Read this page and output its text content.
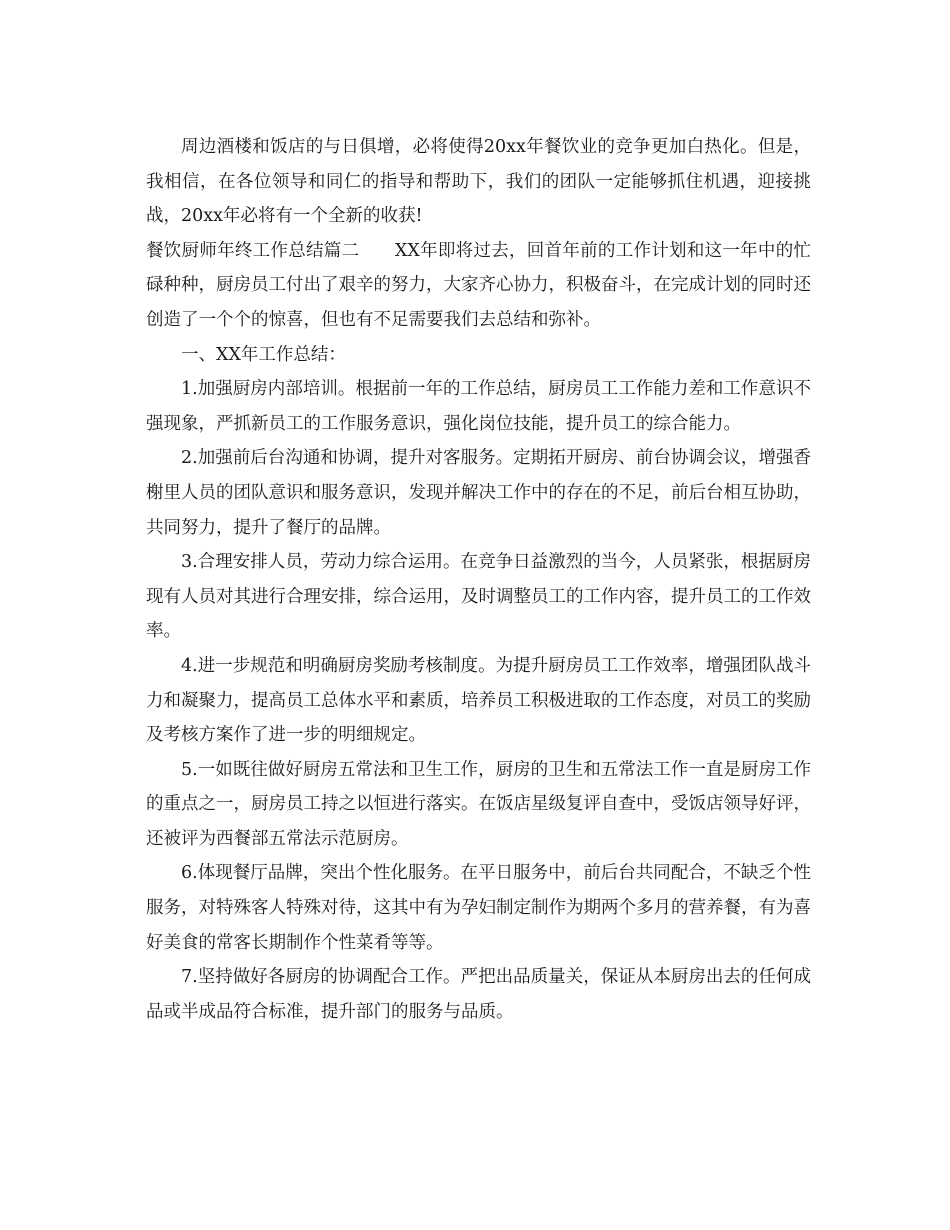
周边酒楼和饭店的与日俱增，必将使得20xx年餐饮业的竞争更加白热化。但是，我相信，在各位领导和同仁的指导和帮助下，我们的团队一定能够抓住机遇，迎接挑战，20xx年必将有一个全新的收获!

餐饮厨师年终工作总结篇二　　XX年即将过去，回首年前的工作计划和这一年中的忙碌种种，厨房员工付出了艰辛的努力，大家齐心协力，积极奋斗，在完成计划的同时还创造了一个个的惊喜，但也有不足需要我们去总结和弥补。

一、XX年工作总结：

1.加强厨房内部培训。根据前一年的工作总结，厨房员工工作能力差和工作意识不强现象，严抓新员工的工作服务意识，强化岗位技能，提升员工的综合能力。

2.加强前后台沟通和协调，提升对客服务。定期拓开厨房、前台协调会议，增强香榭里人员的团队意识和服务意识，发现并解决工作中的存在的不足，前后台相互协助，共同努力，提升了餐厅的品牌。

3.合理安排人员，劳动力综合运用。在竞争日益激烈的当今，人员紧张，根据厨房现有人员对其进行合理安排，综合运用，及时调整员工的工作内容，提升员工的工作效率。

4.进一步规范和明确厨房奖励考核制度。为提升厨房员工工作效率，增强团队战斗力和凝聚力，提高员工总体水平和素质，培养员工积极进取的工作态度，对员工的奖励及考核方案作了进一步的明细规定。

5.一如既往做好厨房五常法和卫生工作，厨房的卫生和五常法工作一直是厨房工作的重点之一，厨房员工持之以恒进行落实。在饭店星级复评自查中，受饭店领导好评，还被评为西餐部五常法示范厨房。

6.体现餐厅品牌，突出个性化服务。在平日服务中，前后台共同配合，不缺乏个性服务，对特殊客人特殊对待，这其中有为孕妇制定制作为期两个多月的营养餐，有为喜好美食的常客长期制作个性菜肴等等。

7.坚持做好各厨房的协调配合工作。严把出品质量关，保证从本厨房出去的任何成品或半成品符合标准，提升部门的服务与品质。
